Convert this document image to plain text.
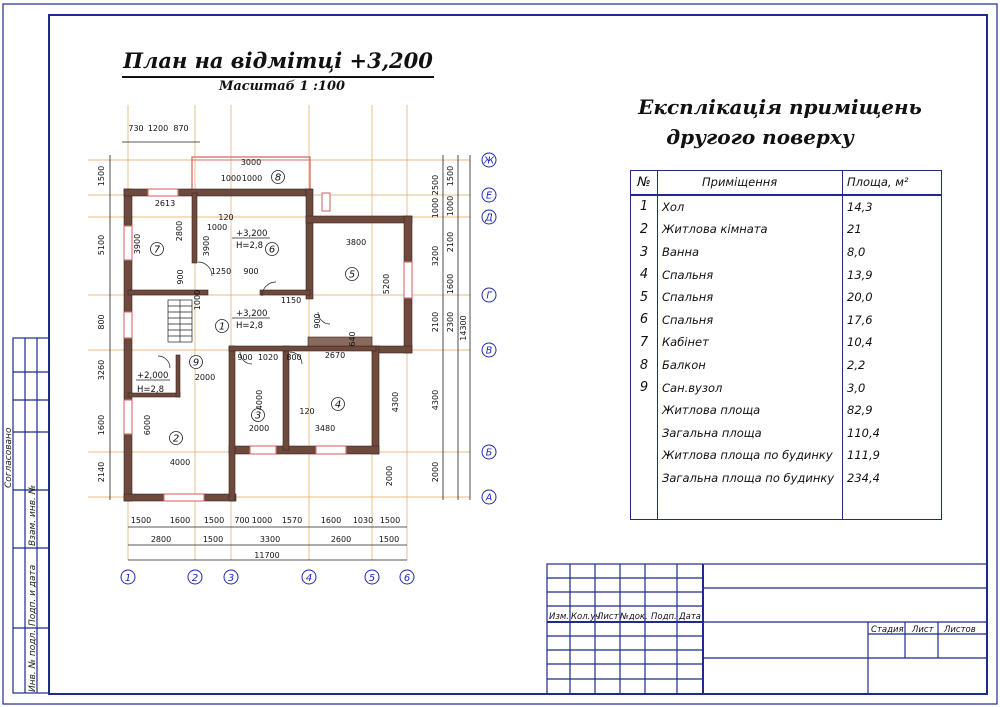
План на відмітці +3,200
Масштаб 1 :100
Експлікація приміщень
другого поверху
№	Приміщення	Площа, м²
1	Хол	14,3
2	Житлова кімната	21
3	Ванна	8,0
4	Спальня	13,9
5	Спальня	20,0
6	Спальня	17,6
7	Кабінет	10,4
8	Балкон	2,2
9	Сан.вузол	3,0
	Житлова площа	82,9
	Загальна площа	110,4
	Житлова площа по будинку	111,9
	Загальна площа по будинку	234,4

Согласовано
Взам. инв. №
Подп. и дата
Инв. № подл.
Изм. Кол.уч
Лист №док. Подп. Дата
Стадия Лист Листов
+3,200
H=2,8
+3,200
H=2,8
+2,000
H=2,8
1
2
3
4
5
6
7
8
9
1	2	3	4	5	6
Ж
Е
Д
Г
В
Б
А
730 1200 870
3000
1000 1000
1500
5100
800
3260
1600
2140
2500
1000
3200
2100
4300
2000
1500
1000
2100
1600
2300 14300
1500 1600 1500 700 1000 1570 1600 1030 1500
2800	1500	3300	2600	1500
11700
2613
3900
2800
120
3900
900	1250 900
3800
5200
1150
900
640
2000
6000
4000
900 1020 800	2670
4000
2000
120
3480
4300
2000
1000
1000
